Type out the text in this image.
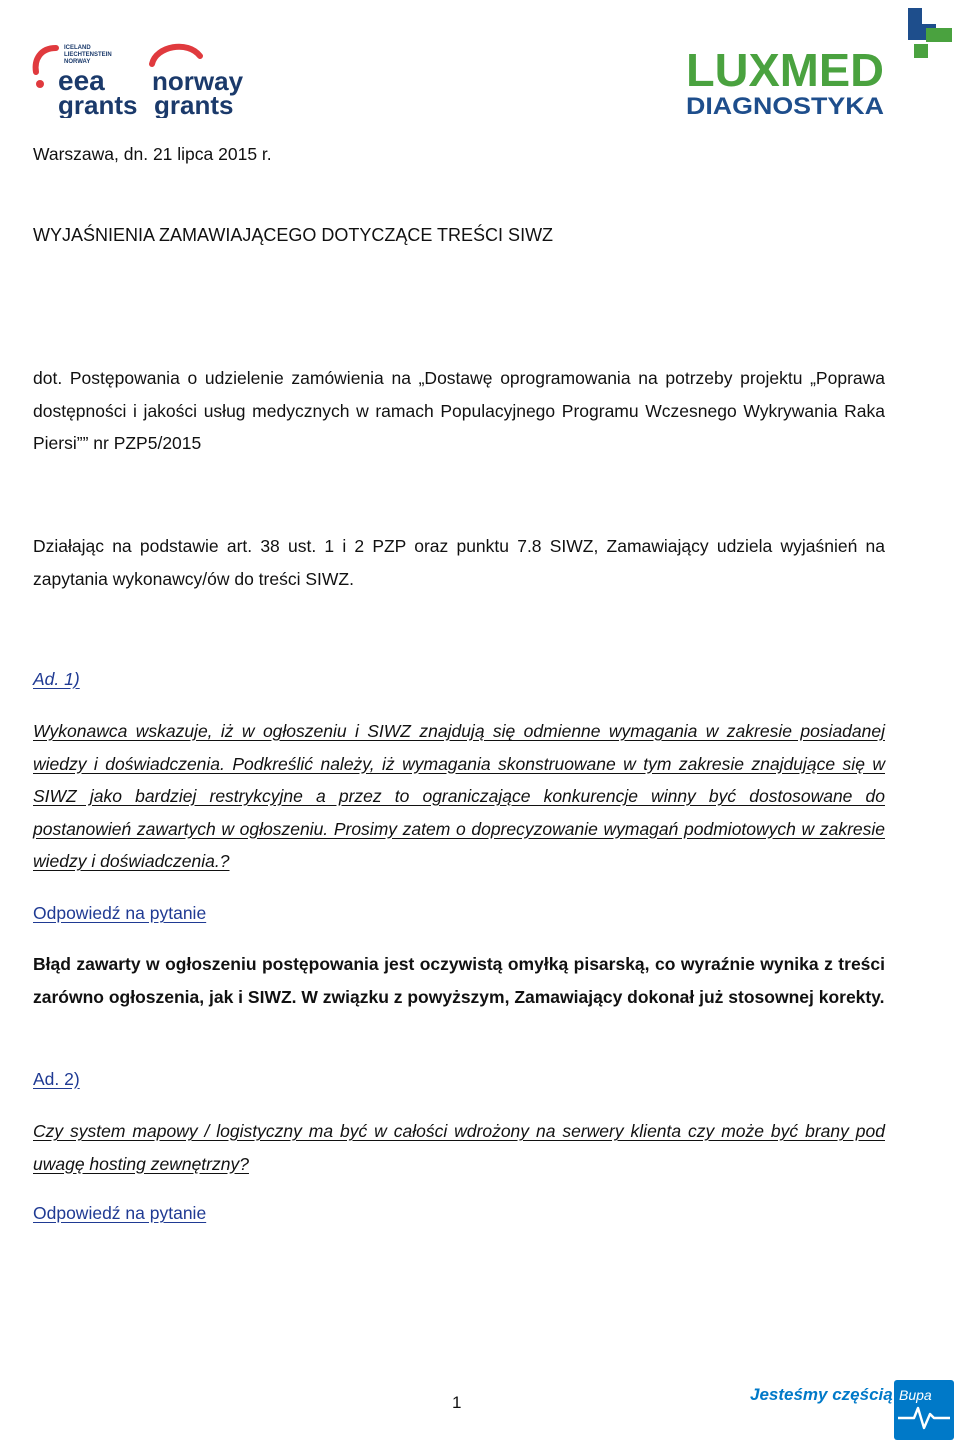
ICELAND
LIECHTENSTEIN
NORWAY
eea
grants
norway
grants
LUXMED
DIAGNOSTYKA
Warszawa, dn. 21 lipca 2015 r.
WYJAŚNIENIA ZAMAWIAJĄCEGO DOTYCZĄCE TREŚCI SIWZ
dot. Postępowania o udzielenie zamówienia na „Dostawę oprogramowania na potrzeby projektu „Poprawa dostępności i jakości usług medycznych w ramach Populacyjnego Programu Wczesnego Wykrywania Raka Piersi”” nr PZP5/2015
Działając na podstawie art. 38 ust. 1 i 2 PZP oraz punktu 7.8 SIWZ, Zamawiający udziela wyjaśnień na zapytania wykonawcy/ów do treści SIWZ.
Ad. 1)
Wykonawca wskazuje, iż w ogłoszeniu i SIWZ znajdują się odmienne wymagania w zakresie posiadanej wiedzy i doświadczenia. Podkreślić należy, iż wymagania skonstruowane w tym zakresie znajdujące się w SIWZ jako bardziej restrykcyjne a przez to ograniczające konkurencje winny być dostosowane do postanowień zawartych w ogłoszeniu. Prosimy zatem o doprecyzowanie wymagań podmiotowych w zakresie wiedzy i doświadczenia.?
Odpowiedź na pytanie
Błąd zawarty w ogłoszeniu postępowania jest oczywistą omyłką pisarską, co wyraźnie wynika z treści zarówno ogłoszenia, jak i SIWZ. W związku z powyższym, Zamawiający dokonał już stosownej korekty.
Ad. 2)
Czy system mapowy / logistyczny ma być w całości wdrożony na serwery klienta czy może być brany pod uwagę hosting zewnętrzny?
Odpowiedź na pytanie
1	Jesteśmy częścią Bupa
